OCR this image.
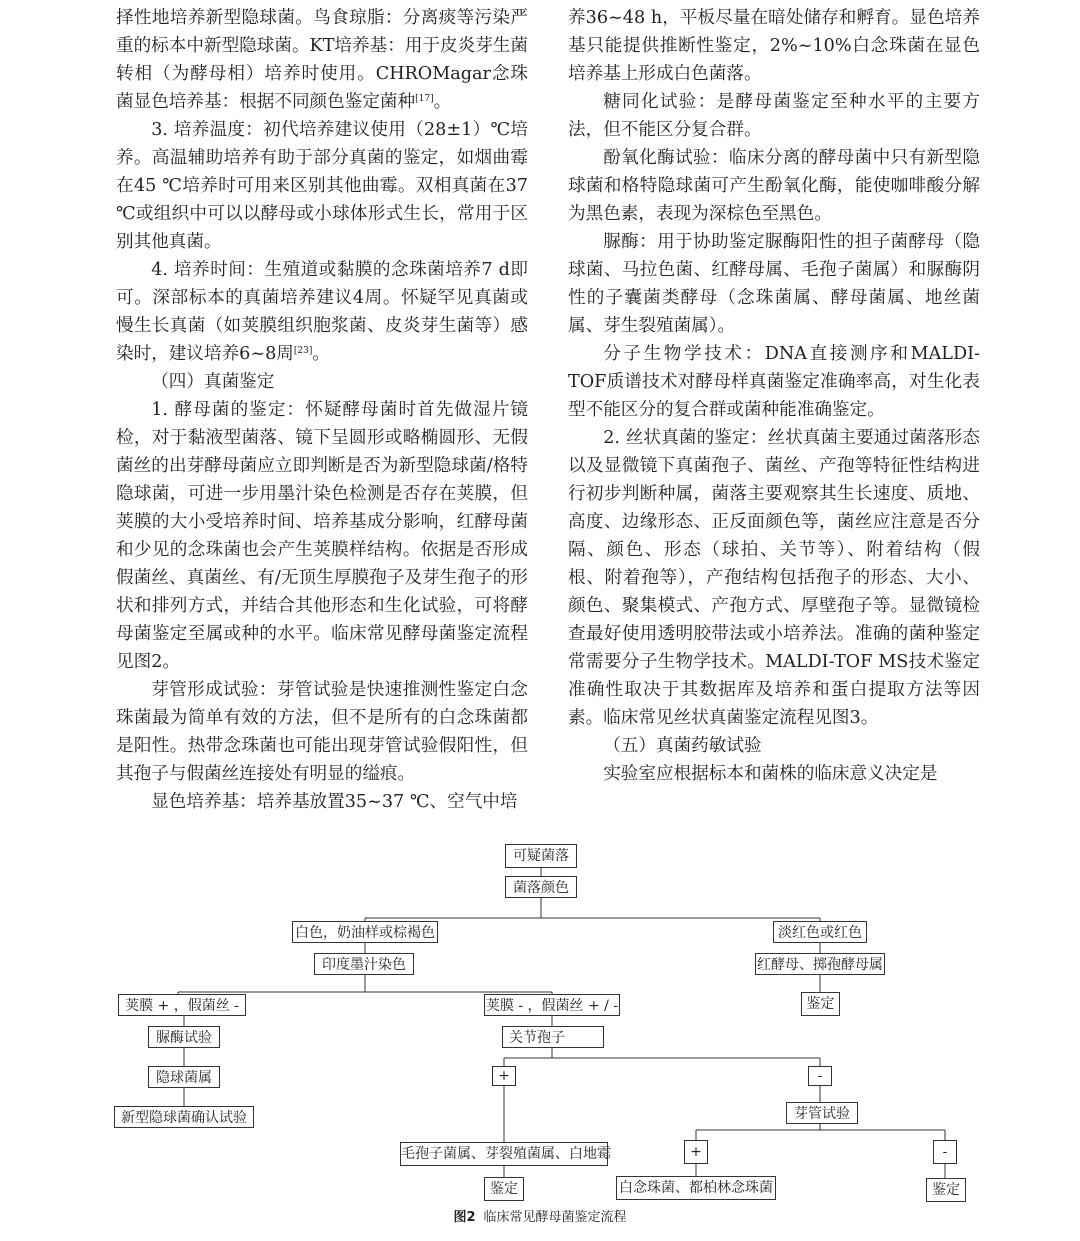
择性地培养新型隐球菌。鸟食琼脂：分离痰等污染严重的标本中新型隐球菌。KT培养基：用于皮炎芽生菌转相（为酵母相）培养时使用。CHROMagar念珠菌显色培养基：根据不同颜色鉴定菌种[17]。

3. 培养温度：初代培养建议使用（28±1）℃培养。高温辅助培养有助于部分真菌的鉴定，如烟曲霉在45 ℃培养时可用来区别其他曲霉。双相真菌在37 ℃或组织中可以以酵母或小球体形式生长，常用于区别其他真菌。

4. 培养时间：生殖道或黏膜的念珠菌培养7 d即可。深部标本的真菌培养建议4周。怀疑罕见真菌或慢生长真菌（如荚膜组织胞浆菌、皮炎芽生菌等）感染时，建议培养6~8周[23]。

（四）真菌鉴定

1. 酵母菌的鉴定：怀疑酵母菌时首先做湿片镜检，对于黏液型菌落、镜下呈圆形或略椭圆形、无假菌丝的出芽酵母菌应立即判断是否为新型隐球菌/格特隐球菌，可进一步用墨汁染色检测是否存在荚膜，但荚膜的大小受培养时间、培养基成分影响，红酵母菌和少见的念珠菌也会产生荚膜样结构。依据是否形成假菌丝、真菌丝、有/无顶生厚膜孢子及芽生孢子的形状和排列方式，并结合其他形态和生化试验，可将酵母菌鉴定至属或种的水平。临床常见酵母菌鉴定流程见图2。

芽管形成试验：芽管试验是快速推测性鉴定白念珠菌最为简单有效的方法，但不是所有的白念珠菌都是阳性。热带念珠菌也可能出现芽管试验假阳性，但其孢子与假菌丝连接处有明显的缢痕。

显色培养基：培养基放置35~37 ℃、空气中培

养36~48 h，平板尽量在暗处储存和孵育。显色培养基只能提供推断性鉴定，2%~10%白念珠菌在显色培养基上形成白色菌落。

糖同化试验：是酵母菌鉴定至种水平的主要方法，但不能区分复合群。

酚氧化酶试验：临床分离的酵母菌中只有新型隐球菌和格特隐球菌可产生酚氧化酶，能使咖啡酸分解为黑色素，表现为深棕色至黑色。

脲酶：用于协助鉴定脲酶阳性的担子菌酵母（隐球菌、马拉色菌、红酵母属、毛孢子菌属）和脲酶阴性的子囊菌类酵母（念珠菌属、酵母菌属、地丝菌属、芽生裂殖菌属）。

分子生物学技术：DNA直接测序和MALDI-TOF质谱技术对酵母样真菌鉴定准确率高，对生化表型不能区分的复合群或菌种能准确鉴定。

2. 丝状真菌的鉴定：丝状真菌主要通过菌落形态以及显微镜下真菌孢子、菌丝、产孢等特征性结构进行初步判断种属，菌落主要观察其生长速度、质地、高度、边缘形态、正反面颜色等，菌丝应注意是否分隔、颜色、形态（球拍、关节等）、附着结构（假根、附着孢等），产孢结构包括孢子的形态、大小、颜色、聚集模式、产孢方式、厚壁孢子等。显微镜检查最好使用透明胶带法或小培养法。准确的菌种鉴定常需要分子生物学技术。MALDI-TOF MS技术鉴定准确性取决于其数据库及培养和蛋白提取方法等因素。临床常见丝状真菌鉴定流程见图3。

（五）真菌药敏试验

实验室应根据标本和菌株的临床意义决定是

可疑菌落
菌落颜色
白色，奶油样或棕褐色	淡红色或红色
印度墨汁染色	红酵母、掷孢酵母属
鉴定
荚膜 + ，假菌丝 -	荚膜 - ，假菌丝 + / -
脲酶试验	关节孢子
隐球菌属	+	-
新型隐球菌确认试验	芽管试验
毛孢子菌属、芽裂殖菌属、白地霉	+	-
鉴定	白念珠菌、都柏林念珠菌	鉴定
图2 临床常见酵母菌鉴定流程
